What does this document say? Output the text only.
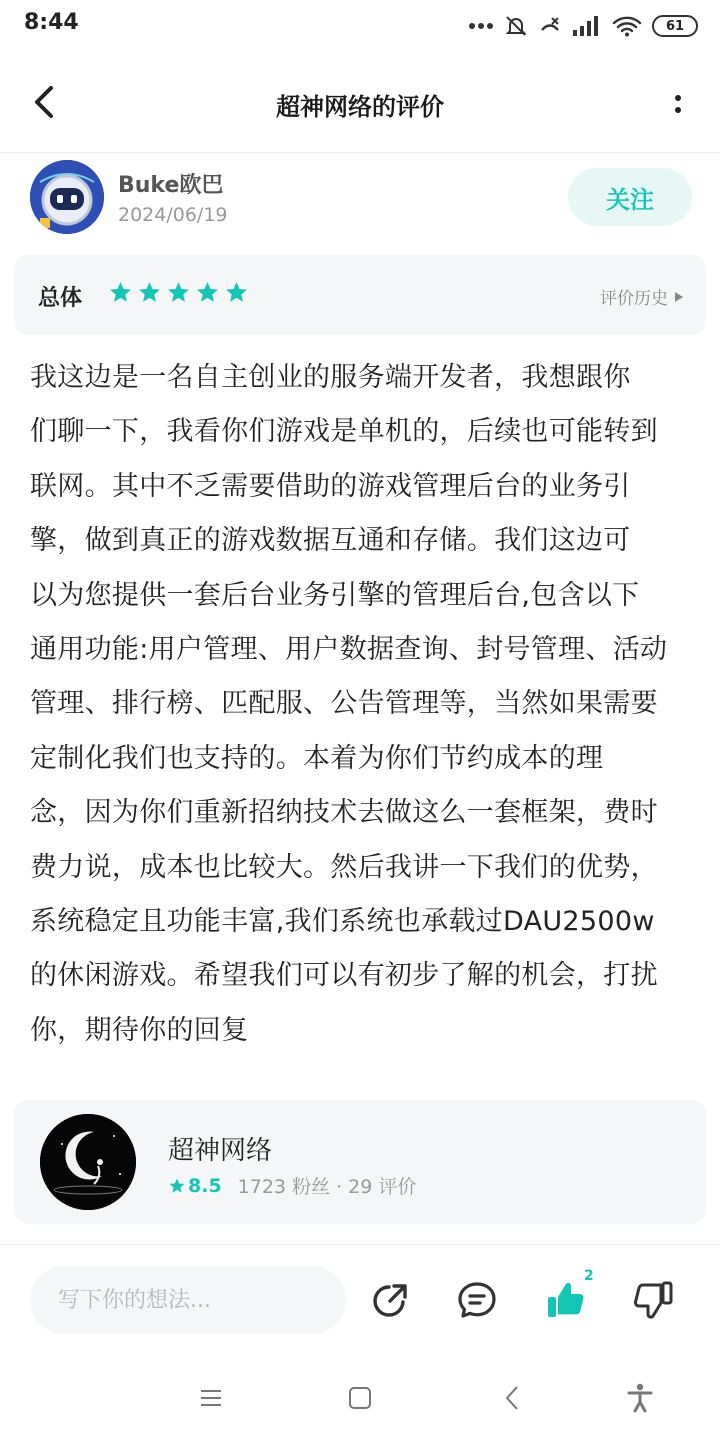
8:44	61
超神网络的评价
Buke欧巴
2024/06/19
关注
总体	评价历史
我这边是一名自主创业的服务端开发者，我想跟你
们聊一下，我看你们游戏是单机的，后续也可能转到
联网。其中不乏需要借助的游戏管理后台的业务引
擎，做到真正的游戏数据互通和存储。我们这边可
以为您提供一套后台业务引擎的管理后台,包含以下
通用功能:用户管理、用户数据查询、封号管理、活动
管理、排行榜、匹配服、公告管理等，当然如果需要
定制化我们也支持的。本着为你们节约成本的理
念，因为你们重新招纳技术去做这么一套框架，费时
费力说，成本也比较大。然后我讲一下我们的优势，
系统稳定且功能丰富,我们系统也承载过DAU2500w
的休闲游戏。希望我们可以有初步了解的机会，打扰
你，期待你的回复
超神网络
8.5 1723 粉丝 · 29 评价
写下你的想法...
2
